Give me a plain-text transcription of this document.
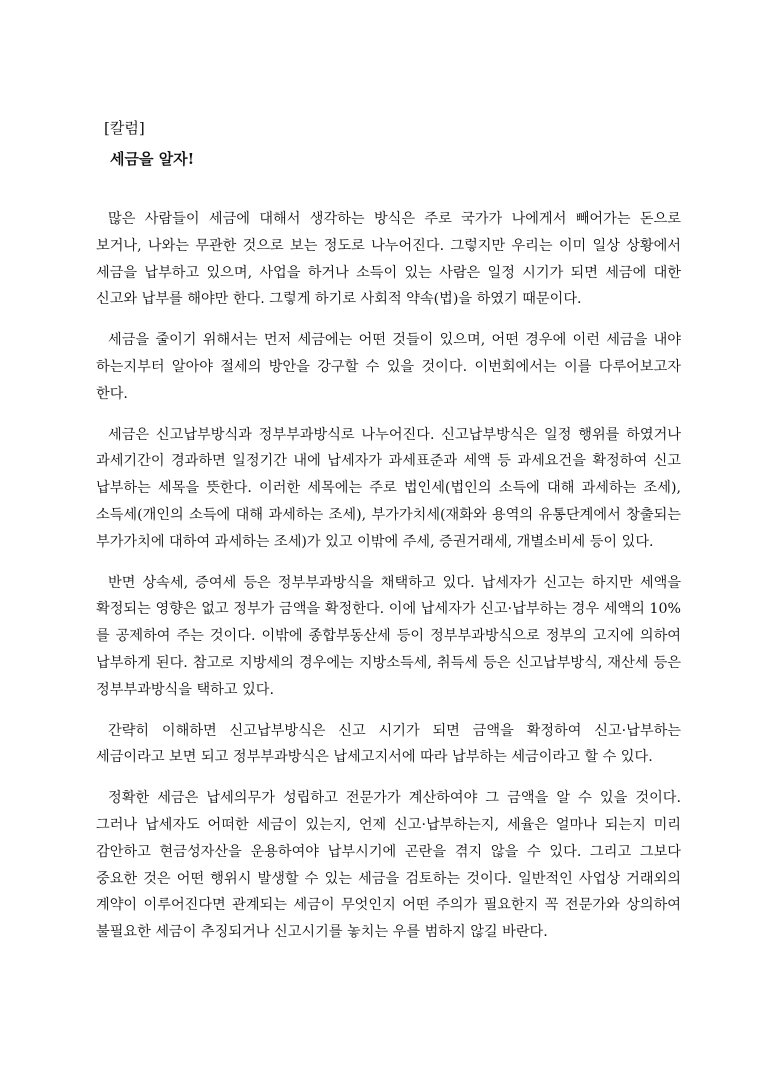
[칼럼]

세금을 알자!

많은 사람들이 세금에 대해서 생각하는 방식은 주로 국가가 나에게서 빼어가는 돈으로 보거나, 나와는 무관한 것으로 보는 정도로 나누어진다. 그렇지만 우리는 이미 일상 상황에서 세금을 납부하고 있으며, 사업을 하거나 소득이 있는 사람은 일정 시기가 되면 세금에 대한 신고와 납부를 해야만 한다. 그렇게 하기로 사회적 약속(법)을 하였기 때문이다.

세금을 줄이기 위해서는 먼저 세금에는 어떤 것들이 있으며, 어떤 경우에 이런 세금을 내야 하는지부터 알아야 절세의 방안을 강구할 수 있을 것이다. 이번회에서는 이를 다루어보고자 한다.

세금은 신고납부방식과 정부부과방식로 나누어진다. 신고납부방식은 일정 행위를 하였거나 과세기간이 경과하면 일정기간 내에 납세자가 과세표준과 세액 등 과세요건을 확정하여 신고 납부하는 세목을 뜻한다. 이러한 세목에는 주로 법인세(법인의 소득에 대해 과세하는 조세), 소득세(개인의 소득에 대해 과세하는 조세), 부가가치세(재화와 용역의 유통단계에서 창출되는 부가가치에 대하여 과세하는 조세)가 있고 이밖에 주세, 증권거래세, 개별소비세 등이 있다.

반면 상속세, 증여세 등은 정부부과방식을 채택하고 있다. 납세자가 신고는 하지만 세액을 확정되는 영향은 없고 정부가 금액을 확정한다. 이에 납세자가 신고·납부하는 경우 세액의 10%를 공제하여 주는 것이다. 이밖에 종합부동산세 등이 정부부과방식으로 정부의 고지에 의하여 납부하게 된다. 참고로 지방세의 경우에는 지방소득세, 취득세 등은 신고납부방식, 재산세 등은 정부부과방식을 택하고 있다.

간략히 이해하면 신고납부방식은 신고 시기가 되면 금액을 확정하여 신고·납부하는 세금이라고 보면 되고 정부부과방식은 납세고지서에 따라 납부하는 세금이라고 할 수 있다.

정확한 세금은 납세의무가 성립하고 전문가가 계산하여야 그 금액을 알 수 있을 것이다. 그러나 납세자도 어떠한 세금이 있는지, 언제 신고·납부하는지, 세율은 얼마나 되는지 미리 감안하고 현금성자산을 운용하여야 납부시기에 곤란을 겪지 않을 수 있다. 그리고 그보다 중요한 것은 어떤 행위시 발생할 수 있는 세금을 검토하는 것이다. 일반적인 사업상 거래외의 계약이 이루어진다면 관계되는 세금이 무엇인지 어떤 주의가 필요한지 꼭 전문가와 상의하여 불필요한 세금이 추징되거나 신고시기를 놓치는 우를 범하지 않길 바란다.
